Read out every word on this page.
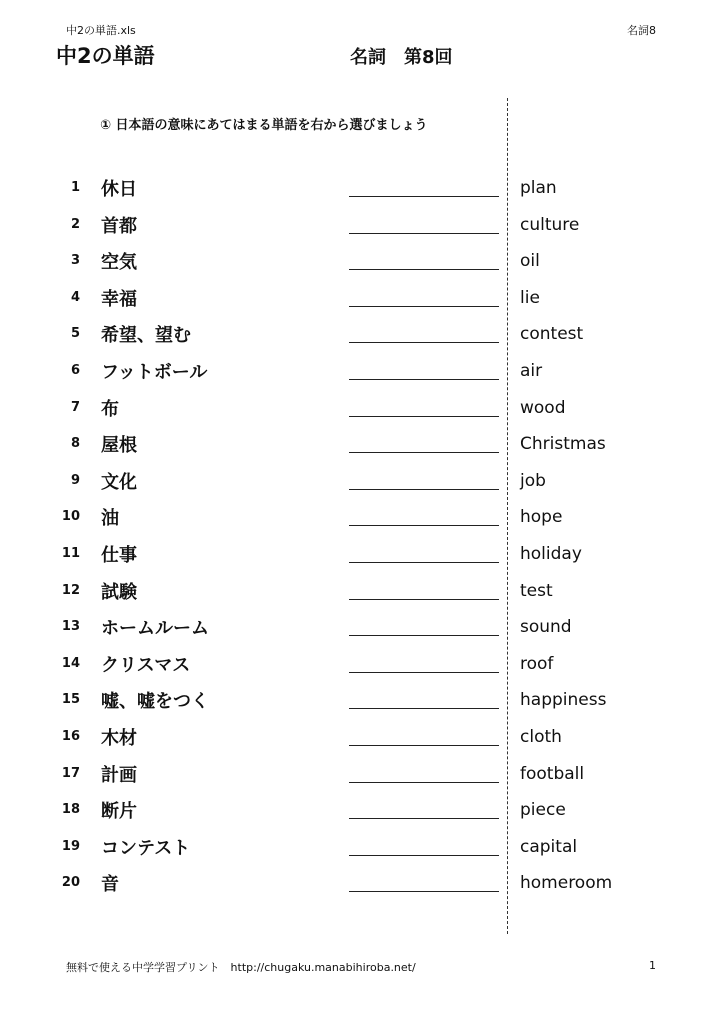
中2の単語.xls	名詞8
中2の単語	名詞　第8回
① 日本語の意味にあてはまる単語を右から選びましょう
1 休日	plan
2 首都	culture
3 空気	oil
4 幸福	lie
5 希望、望む	contest
6 フットボール	air
7 布	wood
8 屋根	Christmas
9 文化	job
10 油	hope
11 仕事	holiday
12 試験	test
13 ホームルーム	sound
14 クリスマス	roof
15 嘘、嘘をつく	happiness
16 木材	cloth
17 計画	football
18 断片	piece
19 コンテスト	capital
20 音	homeroom
無料で使える中学学習プリント　http://chugaku.manabihiroba.net/	1
